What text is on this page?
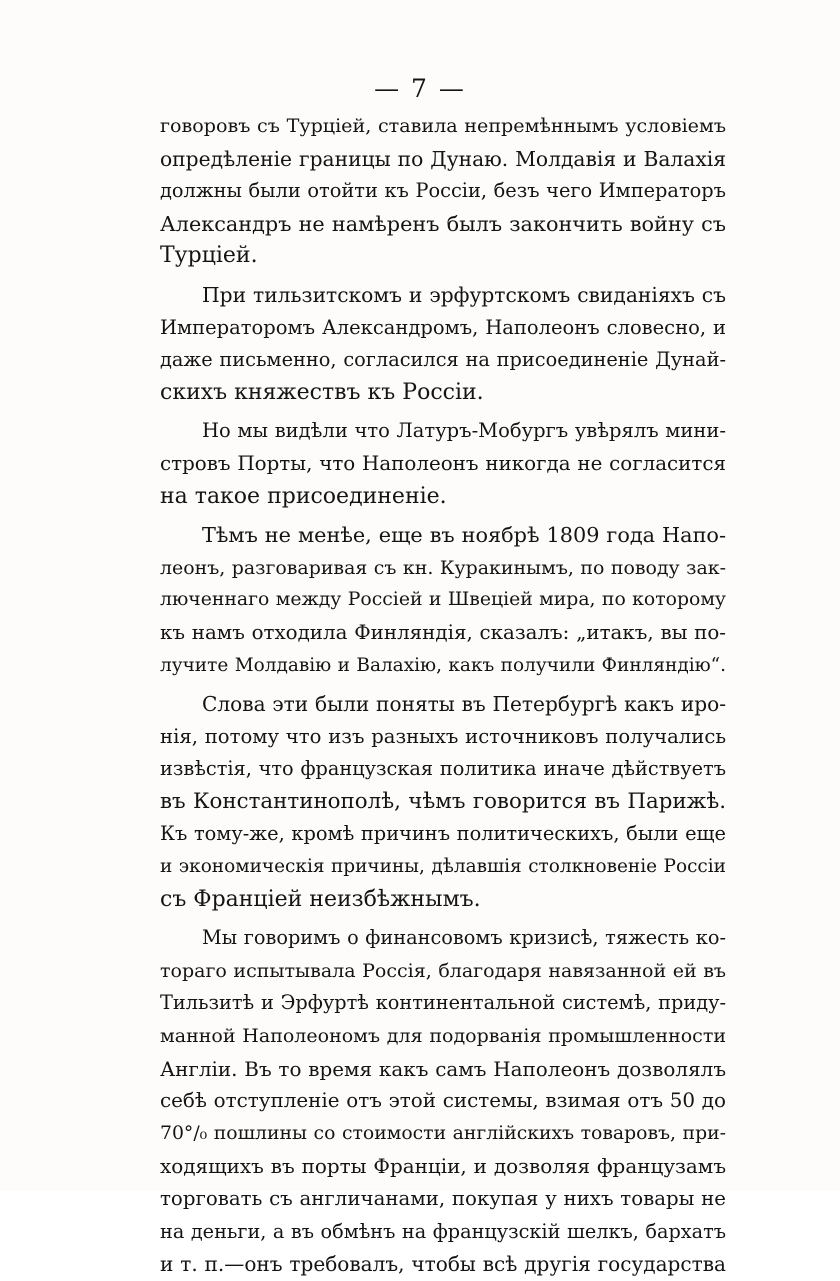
— 7 —
говоровъ съ Турціей, ставила непремѣннымъ условіемъ
опредѣленіе границы по Дунаю. Молдавія и Валахія
должны были отойти къ Россіи, безъ чего Императоръ
Александръ не намѣренъ былъ закончить войну съ
Турціей.
При тильзитскомъ и эрфуртскомъ свиданіяхъ съ
Императоромъ Александромъ, Наполеонъ словесно, и
даже письменно, согласился на присоединеніе Дунай-
скихъ княжествъ къ Россіи.
Но мы видѣли что Латуръ-Мобургъ увѣрялъ мини-
стровъ Порты, что Наполеонъ никогда не согласится
на такое присоединеніе.
Тѣмъ не менѣе, еще въ ноябрѣ 1809 года Напо-
леонъ, разговаривая съ кн. Куракинымъ, по поводу зак-
люченнаго между Россіей и Швеціей мира, по которому
къ намъ отходила Финляндія, сказалъ: „итакъ, вы по-
лучите Молдавію и Валахію, какъ получили Финляндію“.
Слова эти были поняты въ Петербургѣ какъ иро-
нія, потому что изъ разныхъ источниковъ получались
извѣстія, что французская политика иначе дѣйствуетъ
въ Константинополѣ, чѣмъ говорится въ Парижѣ.
Къ тому-же, кромѣ причинъ политическихъ, были еще
и экономическія причины, дѣлавшія столкновеніе Россіи
съ Франціей неизбѣжнымъ.
Мы говоримъ о финансовомъ кризисѣ, тяжесть ко-
тораго испытывала Россія, благодаря навязанной ей въ
Тильзитѣ и Эрфуртѣ континентальной системѣ, приду-
манной Наполеономъ для подорванія промышленности
Англіи. Въ то время какъ самъ Наполеонъ дозволялъ
себѣ отступленіе отъ этой системы, взимая отъ 50 до
70°/₀ пошлины со стоимости англійскихъ товаровъ, при-
ходящихъ въ порты Франціи, и дозволяя французамъ
торговать съ англичанами, покупая у нихъ товары не
на деньги, а въ обмѣнъ на французскій шелкъ, бархатъ
и т. п.—онъ требовалъ, чтобы всѣ другія государства
